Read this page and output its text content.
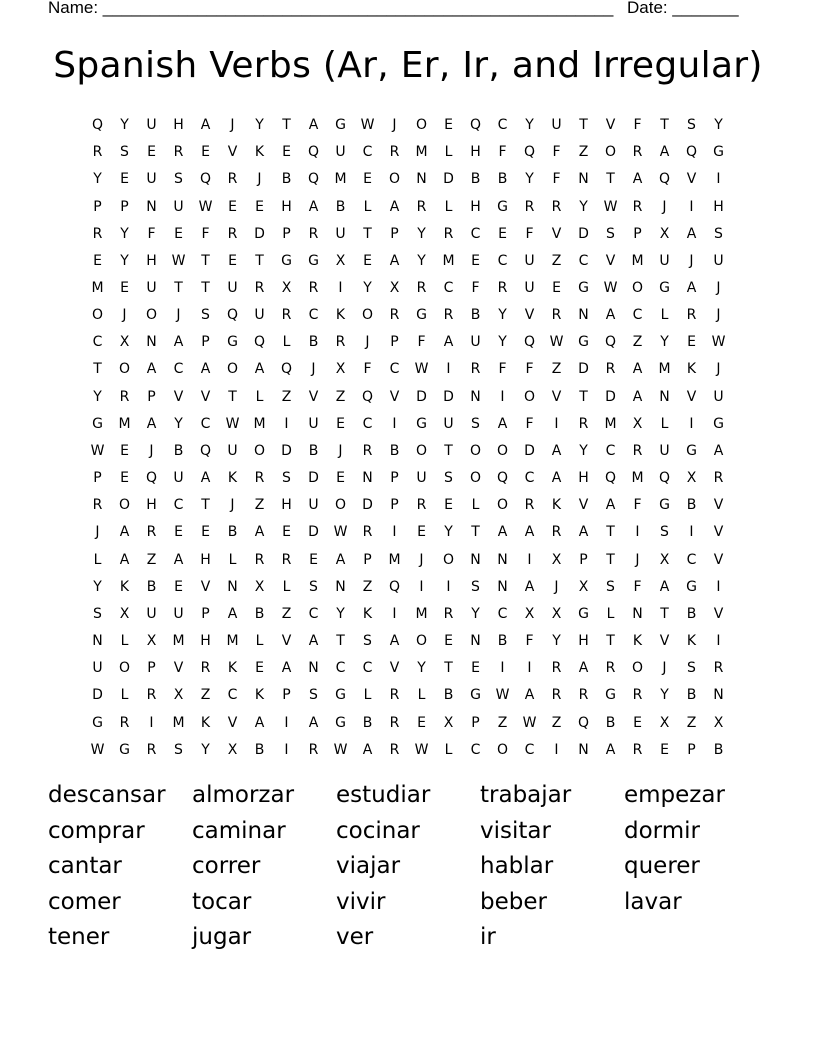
Name: ______________________________________________________ Date: _______
Spanish Verbs (Ar, Er, Ir, and Irregular)
Q	Y	U	H	A	J	Y	T	A	G	W	J	O	E	Q	C	Y	U	T	V	F	T	S	Y
R	S	E	R	E	V	K	E	Q	U	C	R	M	L	H	F	Q	F	Z	O	R	A	Q	G
Y	E	U	S	Q	R	J	B	Q	M	E	O	N	D	B	B	Y	F	N	T	A	Q	V	I
P	P	N	U	W	E	E	H	A	B	L	A	R	L	H	G	R	R	Y	W	R	J	I	H
R	Y	F	E	F	R	D	P	R	U	T	P	Y	R	C	E	F	V	D	S	P	X	A	S
E	Y	H	W	T	E	T	G	G	X	E	A	Y	M	E	C	U	Z	C	V	M	U	J	U
M	E	U	T	T	U	R	X	R	I	Y	X	R	C	F	R	U	E	G	W	O	G	A	J
O	J	O	J	S	Q	U	R	C	K	O	R	G	R	B	Y	V	R	N	A	C	L	R	J
C	X	N	A	P	G	Q	L	B	R	J	P	F	A	U	Y	Q	W	G	Q	Z	Y	E	W
T	O	A	C	A	O	A	Q	J	X	F	C	W	I	R	F	F	Z	D	R	A	M	K	J
Y	R	P	V	V	T	L	Z	V	Z	Q	V	D	D	N	I	O	V	T	D	A	N	V	U
G	M	A	Y	C	W	M	I	U	E	C	I	G	U	S	A	F	I	R	M	X	L	I	G
W	E	J	B	Q	U	O	D	B	J	R	B	O	T	O	O	D	A	Y	C	R	U	G	A
P	E	Q	U	A	K	R	S	D	E	N	P	U	S	O	Q	C	A	H	Q	M	Q	X	R
R	O	H	C	T	J	Z	H	U	O	D	P	R	E	L	O	R	K	V	A	F	G	B	V
J	A	R	E	E	B	A	E	D	W	R	I	E	Y	T	A	A	R	A	T	I	S	I	V
L	A	Z	A	H	L	R	R	E	A	P	M	J	O	N	N	I	X	P	T	J	X	C	V
Y	K	B	E	V	N	X	L	S	N	Z	Q	I	I	S	N	A	J	X	S	F	A	G	I
S	X	U	U	P	A	B	Z	C	Y	K	I	M	R	Y	C	X	X	G	L	N	T	B	V
N	L	X	M	H	M	L	V	A	T	S	A	O	E	N	B	F	Y	H	T	K	V	K	I
U	O	P	V	R	K	E	A	N	C	C	V	Y	T	E	I	I	R	A	R	O	J	S	R
D	L	R	X	Z	C	K	P	S	G	L	R	L	B	G	W	A	R	R	G	R	Y	B	N
G	R	I	M	K	V	A	I	A	G	B	R	E	X	P	Z	W	Z	Q	B	E	X	Z	X
W	G	R	S	Y	X	B	I	R	W	A	R	W	L	C	O	C	I	N	A	R	E	P	B
descansar	almorzar	estudiar	trabajar	empezar
comprar	caminar	cocinar	visitar	dormir
cantar	correr	viajar	hablar	querer
comer	tocar	vivir	beber	lavar
tener	jugar	ver	ir
